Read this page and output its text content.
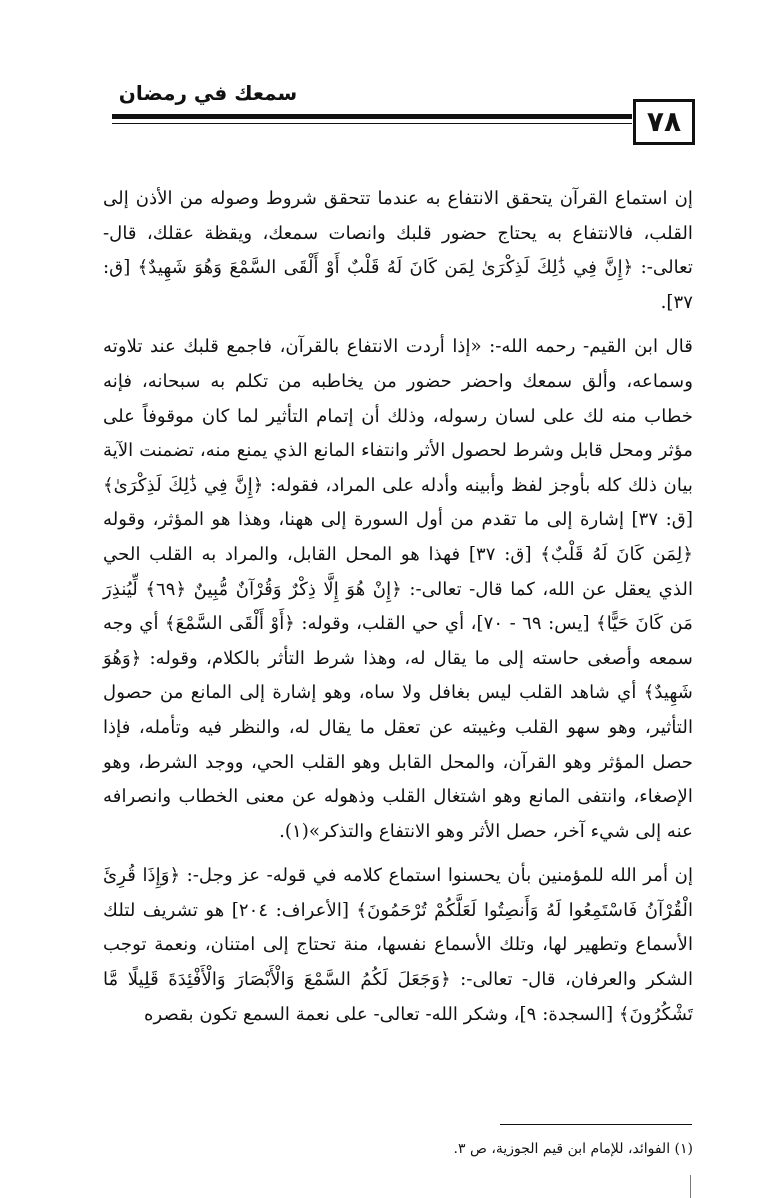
سمعك في رمضان
٧٨

إن استماع القرآن يتحقق الانتفاع به عندما تتحقق شروط وصوله من الأذن إلى القلب، فالانتفاع به يحتاج حضور قلبك وانصات سمعك، ويقظة عقلك، قال- تعالى-: ﴿إِنَّ فِي ذَٰلِكَ لَذِكْرَىٰ لِمَن كَانَ لَهُ قَلْبٌ أَوْ أَلْقَى السَّمْعَ وَهُوَ شَهِيدٌ﴾ [ق: ٣٧].

قال ابن القيم- رحمه الله-: «إذا أردت الانتفاع بالقرآن، فاجمع قلبك عند تلاوته وسماعه، وألق سمعك واحضر حضور من يخاطبه من تكلم به سبحانه، فإنه خطاب منه لك على لسان رسوله، وذلك أن إتمام التأثير لما كان موقوفاً على مؤثر ومحل قابل وشرط لحصول الأثر وانتفاء المانع الذي يمنع منه، تضمنت الآية بيان ذلك كله بأوجز لفظ وأبينه وأدله على المراد، فقوله: ﴿إِنَّ فِي ذَٰلِكَ لَذِكْرَىٰ﴾ [ق: ٣٧] إشارة إلى ما تقدم من أول السورة إلى ههنا، وهذا هو المؤثر، وقوله ﴿لِمَن كَانَ لَهُ قَلْبٌ﴾ [ق: ٣٧] فهذا هو المحل القابل، والمراد به القلب الحي الذي يعقل عن الله، كما قال- تعالى-: ﴿إِنْ هُوَ إِلَّا ذِكْرٌ وَقُرْآنٌ مُّبِينٌ ﴿٦٩﴾ لِّيُنذِرَ مَن كَانَ حَيًّا﴾ [يس: ٦٩ - ٧٠]، أي حي القلب، وقوله: ﴿أَوْ أَلْقَى السَّمْعَ﴾ أي وجه سمعه وأصغى حاسته إلى ما يقال له، وهذا شرط التأثر بالكلام، وقوله: ﴿وَهُوَ شَهِيدٌ﴾ أي شاهد القلب ليس بغافل ولا ساه، وهو إشارة إلى المانع من حصول التأثير، وهو سهو القلب وغيبته عن تعقل ما يقال له، والنظر فيه وتأمله، فإذا حصل المؤثر وهو القرآن، والمحل القابل وهو القلب الحي، ووجد الشرط، وهو الإصغاء، وانتفى المانع وهو اشتغال القلب وذهوله عن معنى الخطاب وانصرافه عنه إلى شيء آخر، حصل الأثر وهو الانتفاع والتذكر»(١).

إن أمر الله للمؤمنين بأن يحسنوا استماع كلامه في قوله- عز وجل-: ﴿وَإِذَا قُرِئَ الْقُرْآنُ فَاسْتَمِعُوا لَهُ وَأَنصِتُوا لَعَلَّكُمْ تُرْحَمُونَ﴾ [الأعراف: ٢٠٤] هو تشريف لتلك الأسماع وتطهير لها، وتلك الأسماع نفسها، منة تحتاج إلى امتنان، ونعمة توجب الشكر والعرفان، قال- تعالى-: ﴿وَجَعَلَ لَكُمُ السَّمْعَ وَالْأَبْصَارَ وَالْأَفْئِدَةَ قَلِيلًا مَّا تَشْكُرُونَ﴾ [السجدة: ٩]، وشكر الله- تعالى- على نعمة السمع تكون بقصره

(١) الفوائد، للإمام ابن قيم الجوزية، ص ٣.
